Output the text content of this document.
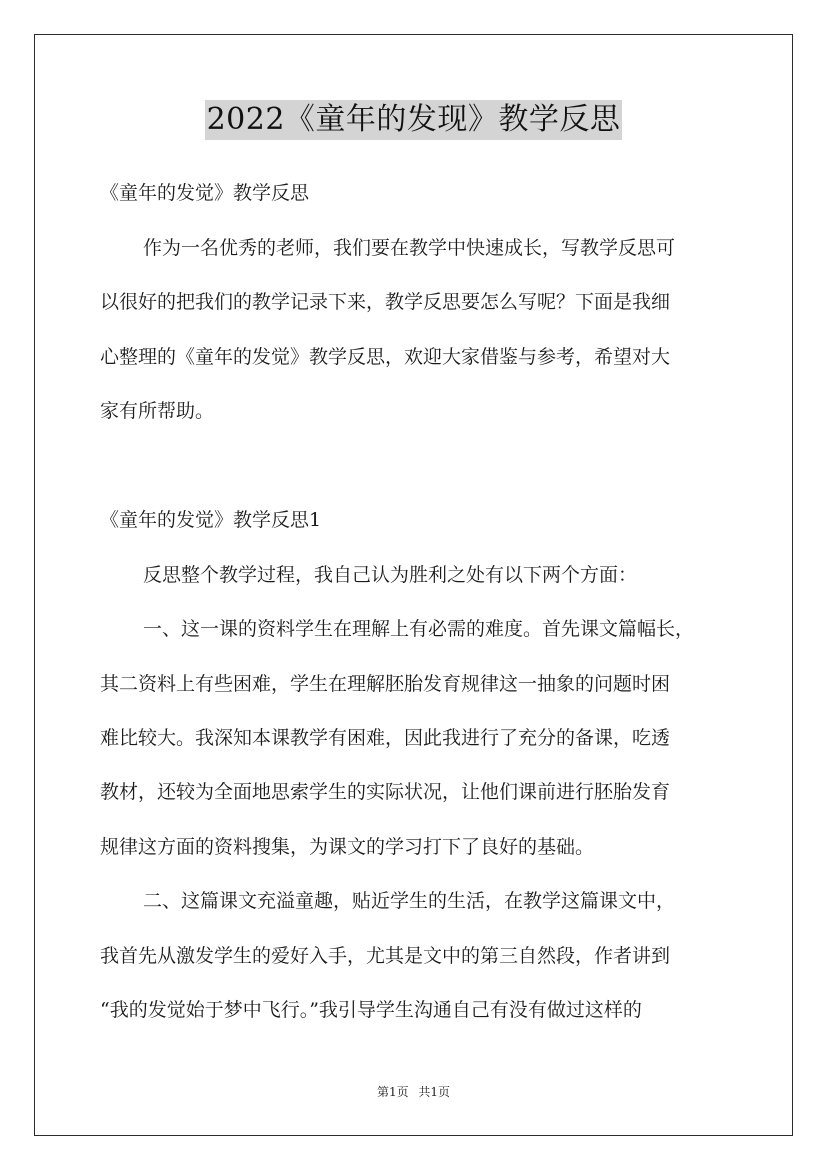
2022《童年的发现》教学反思
《童年的发觉》教学反思
作为一名优秀的老师，我们要在教学中快速成长，写教学反思可
以很好的把我们的教学记录下来，教学反思要怎么写呢？下面是我细
心整理的《童年的发觉》教学反思，欢迎大家借鉴与参考，希望对大
家有所帮助。
《童年的发觉》教学反思1
反思整个教学过程，我自己认为胜利之处有以下两个方面：
一、这一课的资料学生在理解上有必需的难度。首先课文篇幅长，
其二资料上有些困难，学生在理解胚胎发育规律这一抽象的问题时困
难比较大。我深知本课教学有困难，因此我进行了充分的备课，吃透
教材，还较为全面地思索学生的实际状况，让他们课前进行胚胎发育
规律这方面的资料搜集，为课文的学习打下了良好的基础。
二、这篇课文充溢童趣，贴近学生的生活，在教学这篇课文中，
我首先从激发学生的爱好入手，尤其是文中的第三自然段，作者讲到
“我的发觉始于梦中飞行。”我引导学生沟通自己有没有做过这样的
第1页 共1页
